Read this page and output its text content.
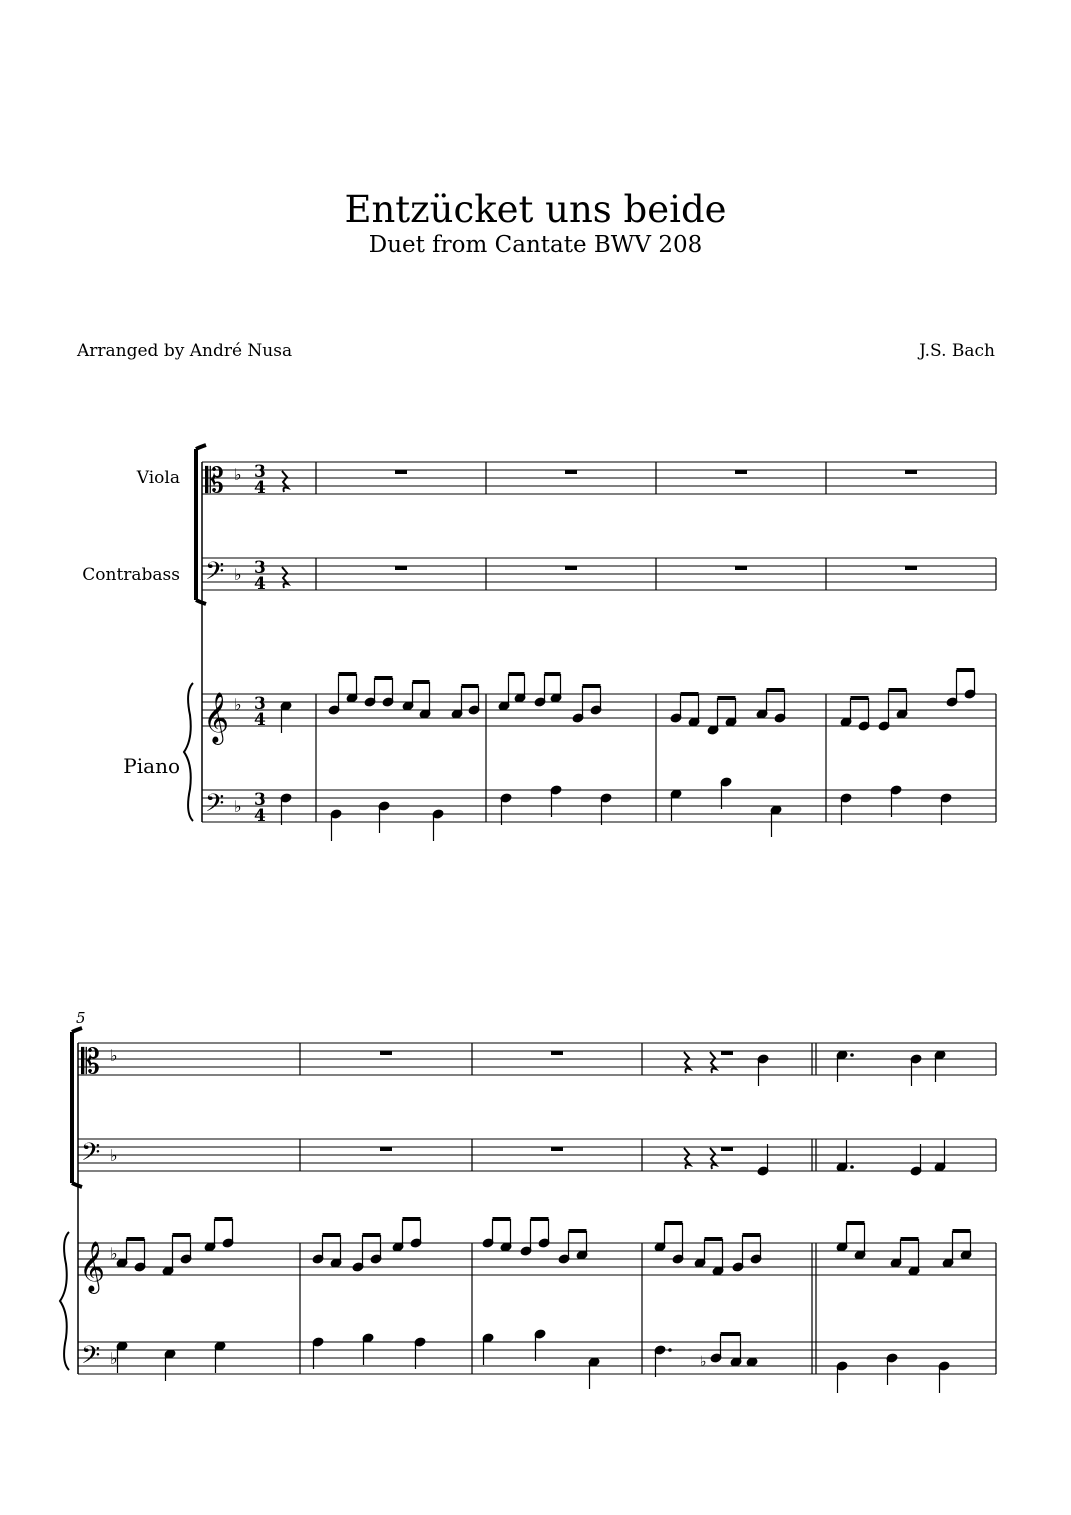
Entzücket uns beide
Duet from Cantate BWV 208
Arranged by André Nusa	J.S. Bach
Viola
Contrabass
Piano
5
𝄡
𝄢
𝄞
𝄢
♭
♭
♭
♭
3
4
3
4
3
4
3
4
𝄡
𝄢
𝄞
𝄢
♭
♭
♭
♭	♭
